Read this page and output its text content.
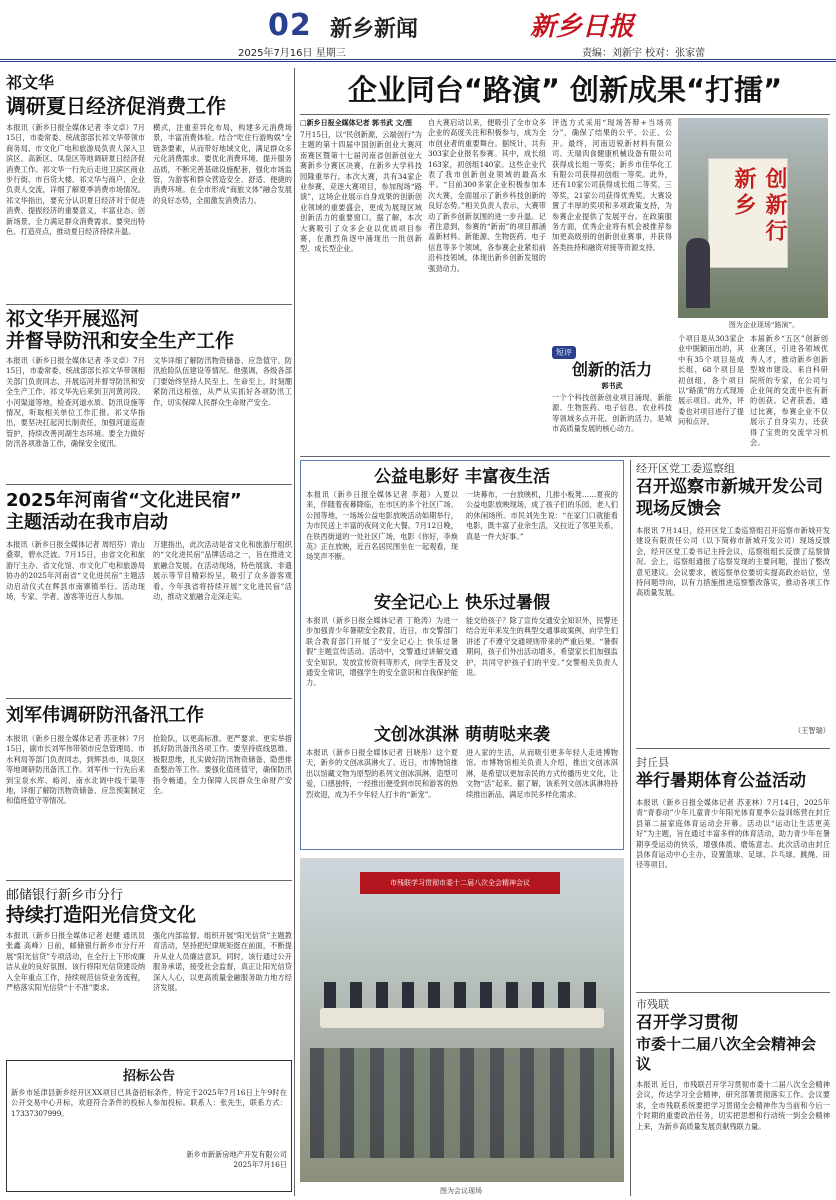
02 新乡新闻
2025年7月16日 星期三
新乡日报
责编：刘新宇 校对：张家蕾
祁文华
调研夏日经济促消费工作
本报讯（新乡日报全媒体记者 李文卓）7月15日，市委常委、统战部部长祁文华带领市商务局、市文化广电和旅游局负责人深入卫滨区、高新区、凤泉区等地调研夏日经济促消费工作。祁文华一行先后走进卫滨区商业步行街、市百货大楼、祁文华与商户、企业负责人交流，详细了解夏季消费市场情况。祁文华指出，要充分认识夏日经济对于促进消费、提振经济的重要意义，丰富业态、创新场景，全力满足群众消费需求。要突出特色、打造亮点，推动夏日经济持续升温。
横式，注重差异化布局，构建多元消费场景，丰富消费体验。结合“吃住行游购娱”全链条要素，从而带好地域文化，满足群众多元化消费需求。要优化消费环境、提升服务品质，不断完善基础设施配套，强化市场监管，为游客和群众营造安全、舒适、便捷的消费环境。在全市形成“商旅文体”融合发展的良好态势，全面激发消费活力。
祁文华开展巡河
并督导防汛和安全生产工作
本报讯（新乡日报全媒体记者 李文卓）7月15日，市委常委、统战部部长祁文华带领相关部门负责同志，开展巡河并督导防汛和安全生产工作。祁文华先后来到卫河黄河段、小河渠道等地，检查河道水质、防汛设施等情况，听取相关单位工作汇报。祁文华指出，要坚决扛起河长制责任，加强河道巡查管护，持续改善河湖生态环境。要全力做好防汛各项准备工作，确保安全度汛。
文华详细了解防汛物资储备、应急值守、防汛抢险队伍建设等情况。他强调，各级各部门要始终坚持人民至上、生命至上，时刻绷紧防汛这根弦，从严从实抓好各项防汛工作，切实保障人民群众生命财产安全。
2025年河南省“文化进民宿”
主题活动在我市启动
本报讯（新乡日报全媒体记者 周绍芬）青山叠翠，碧水泛波。7月15日，由省文化和旅游厅主办、省文化馆、市文化广电和旅游局协办的2025年河南省“文化进民宿”主题活动启动仪式在辉县市南寨镇举行。活动现场，专家、学者、游客等近百人参加。
万建指出，此次活动是省文化和旅游厅组织的“文化进民宿”品牌活动之一，旨在推进文旅融合发展。在活动现场，特色展演、非遗展示等节目精彩纷呈，吸引了众多游客观看。今年我省将持续开展“文化进民宿”活动，推动文旅融合走深走实。
刘军伟调研防汛备汛工作
本报讯（新乡日报全媒体记者 苏亚林）7月15日，副市长刘军伟带领市应急管理局、市水利局等部门负责同志，到辉县市、凤泉区等地调研防汛备汛工作。刘军伟一行先后来到宝泉水库、峪河、南水北调中线干渠等地，详细了解防汛物资储备、应急预案制定和值班值守等情况。
抢险队，以更高标准、更严要求、更实举措抓好防汛备汛各项工作。要坚持底线思维、极限思维，扎实做好防汛物资储备、隐患排查整治等工作。要强化值班值守，确保防汛指令畅通，全力保障人民群众生命财产安全。
邮储银行新乡市分行
持续打造阳光信贷文化
本报讯（新乡日报全媒体记者 赵健 通讯员 张鑫 高峰）日前，邮储银行新乡市分行开展“阳光信贷”专项活动，在全行上下形成廉洁从业的良好氛围。该行将阳光信贷建设纳入全年重点工作，持续规范信贷业务流程，严格落实阳光信贷“十不准”要求。
强化内部监督，组织开展“阳光信贷”主题教育活动，坚持把纪律规矩挺在前面，不断提升从业人员廉洁意识。同时，该行通过公开服务承诺，接受社会监督，真正让阳光信贷深入人心，以更高质量金融服务助力地方经济发展。
招标公告
新乡市延津县新乡经开区XX项目已具备招标条件，特定于2025年7月16日上午9时在公开交易中心开标，欢迎符合条件的投标人参加投标。联系人：张先生，联系方式：17337307999。
新乡市新新房地产开发有限公司
2025年7月16日
企业同台“路演” 创新成果“打擂”
□新乡日报全媒体记者 郭书武 文/图
7月15日，以“民创新源，云端创行”为主题的第十四届中国创新创业大赛河南赛区暨第十七届河南省创新创业大赛新乡分赛区决赛，在新乡大学科技园隆重举行。本次大赛，共有34家企业参赛，竞逐大赛项目，参加现场“路演”，这场企业展示自身成果的创新创业领域的重要盛会，更成为展现区域创新活力的重要窗口。据了解，本次大赛吸引了众多企业以优质项目参赛，在激烈角逐中涌现出一批创新型、成长型企业。
自大赛启动以来，便吸引了全市众多企业的高度关注和积极参与，成为全市创业者的重要舞台。据统计，共有303家企业报名参赛。其中，成长组163家，初创组140家。这些企业代表了我市创新创业领域的最高水平。“目前300多家企业积极参加本次大赛，全面展示了新乡科技创新的良好态势。”相关负责人表示，大赛带动了新乡创新氛围的进一步升温。记者注意到，参赛的“新南”的项目都涵盖新材料、新能源、生物医药、电子信息等多个领域，各参赛企业紧扣前沿科技领域，体现出新乡创新发展的强劲动力。
评选方式采用“现场答辩+当场亮分”，确保了结果的公平、公正、公开。最终，河南迈锐新材料有限公司、天瑞肉食健康机械设备有限公司获得成长组一等奖；新乡市佳华化工有限公司获得初创组一等奖。此外，还有10家公司获得成长组二等奖、三等奖，21家公司获得优秀奖。大赛设置了丰厚的奖项和多项政策支持，为参赛企业提供了发展平台。在政策服务方面，优秀企业将有机会被推荐参加更高级别的创新创业赛事，并获得各类扶持和融资对接等资源支持。
创新行 新乡
图为企业现场“路演”。
短评
创新的活力
郭书武
一个个科技创新创业项目涌现，新能源、生物医药、电子信息、农业科技等领域多点开花。创新的活力，是城市高质量发展的核心动力。
个项目是从303家企业中脱颖而出的，其中有35个项目是成长组、68个项目是初创组，各个项目以“路演”的方式现场展示项目。此外，评委也对项目进行了提问和点评。
本届新乡“五区”创新创业赛区，引进各领域优秀人才，推动新乡创新型城市建设。来自科研院所的专家，在公司与企业间的交流中也有新的创获。记者获悉，通过比赛，参赛企业不仅展示了自身实力，还获得了宝贵的交流学习机会。
公益电影好 丰富夜生活
本报讯（新乡日报全媒体记者 李超）入夏以来，伴随着夜幕降临，在市区的多个社区广场、公园等地，一场场公益电影放映活动如期举行，为市民送上丰富的夜间文化大餐。7月12日晚，在铁西街道的一处社区广场，电影《你好，李焕英》正在放映，近百名居民围坐在一起观看，现场笑声不断。
一块幕布，一台放映机，几排小板凳……夏夜的公益电影放映现场，成了孩子们的乐园、老人们的休闲场所。市民刘先生说：“在家门口就能看电影，既丰富了业余生活，又拉近了邻里关系，真是一件大好事。”
安全记心上 快乐过暑假
本报讯（新乡日报全媒体记者 丁艳涛）为进一步加强青少年暑期安全教育，近日，市交警部门联合教育部门开展了“安全记心上 快乐过暑假”主题宣传活动。活动中，交警通过讲解交通安全知识、发放宣传资料等形式，向学生普及交通安全常识，增强学生的安全意识和自我保护能力。
能交给孩子？除了宣传交通安全知识外，民警还结合近年来发生的典型交通事故案例，向学生们讲述了不遵守交通规则带来的严重后果。“暑假期间，孩子们外出活动增多，希望家长们加强监护，共同守护孩子们的平安。”交警相关负责人说。
文创冰淇淋 萌萌哒来袭
本报讯（新乡日报全媒体记者 吕晓彤）这个夏天，新乡的文创冰淇淋火了。近日，市博物馆推出以馆藏文物为原型的系列文创冰淇淋，造型可爱，口感独特，一经推出便受到市民和游客的热烈欢迎，成为不少年轻人打卡的“新宠”。
进入家的生活，从而吸引更多年轻人走进博物馆。市博物馆相关负责人介绍，推出文创冰淇淋，是希望以更加亲民的方式传播历史文化，让文物“活”起来。据了解，该系列文创冰淇淋将持续推出新品，满足市民多样化需求。
市残联学习贯彻市委十二届八次全会精神会议
图为会议现场
经开区党工委巡察组
召开巡察市新城开发公司
现场反馈会
本报讯 7月14日，经开区党工委巡察组召开巡察市新城开发建设有限责任公司（以下简称市新城开发公司）现场反馈会，经开区党工委书记主持会议，巡察组组长反馈了巡察情况。会上，巡察组通报了巡察发现的主要问题，提出了整改意见建议。会议要求，被巡察单位要切实提高政治站位，坚持问题导向，以有力措施推进巡察整改落实，推动各项工作高质量发展。
（王智瑞）
封丘县
举行暑期体育公益活动
本报讯（新乡日报全媒体记者 苏亚林）7月14日，2025年青“青春动”少年儿童青少年阳光体育夏季公益训练营在封丘县第二届家庭体育运动会开幕。活动以“运动让生活更美好”为主题，旨在通过丰富多样的体育活动，助力青少年在暑期享受运动的快乐，增强体质、磨炼意志。此次活动由封丘县体育运动中心主办，设置篮球、足球、乒乓球、跳绳、田径等项目。
市残联
召开学习贯彻
市委十二届八次全会精神会议
本报讯 近日，市残联召开学习贯彻市委十二届八次全会精神会议，传达学习全会精神，研究部署贯彻落实工作。会议要求，全市残联系统要把学习贯彻全会精神作为当前和今后一个时期的重要政治任务，切实把思想和行动统一到全会精神上来，为新乡高质量发展贡献残联力量。
